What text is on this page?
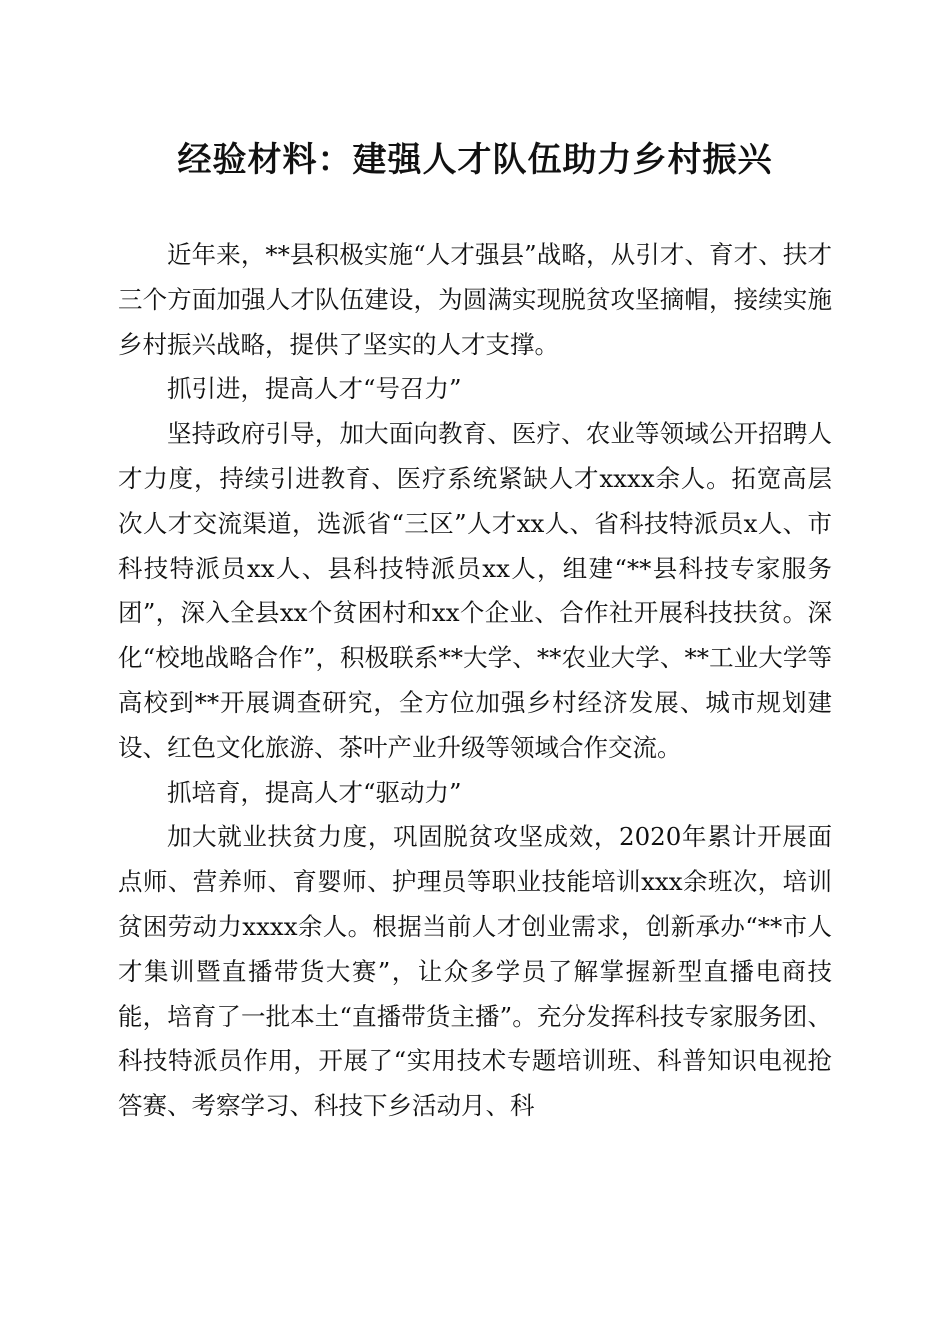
经验材料：建强人才队伍助力乡村振兴

近年来，**县积极实施“人才强县”战略，从引才、育才、扶才三个方面加强人才队伍建设，为圆满实现脱贫攻坚摘帽，接续实施乡村振兴战略，提供了坚实的人才支撑。

抓引进，提高人才“号召力”

坚持政府引导，加大面向教育、医疗、农业等领域公开招聘人才力度，持续引进教育、医疗系统紧缺人才xxxx余人。拓宽高层次人才交流渠道，选派省“三区”人才xx人、省科技特派员x人、市科技特派员xx人、县科技特派员xx人，组建“**县科技专家服务团”，深入全县xx个贫困村和xx个企业、合作社开展科技扶贫。深化“校地战略合作”，积极联系**大学、**农业大学、**工业大学等高校到**开展调查研究，全方位加强乡村经济发展、城市规划建设、红色文化旅游、茶叶产业升级等领域合作交流。

抓培育，提高人才“驱动力”

加大就业扶贫力度，巩固脱贫攻坚成效，2020年累计开展面点师、营养师、育婴师、护理员等职业技能培训xxx余班次，培训贫困劳动力xxxx余人。根据当前人才创业需求，创新承办“**市人才集训暨直播带货大赛”，让众多学员了解掌握新型直播电商技能，培育了一批本土“直播带货主播”。充分发挥科技专家服务团、科技特派员作用，开展了“实用技术专题培训班、科普知识电视抢答赛、考察学习、科技下乡活动月、科
